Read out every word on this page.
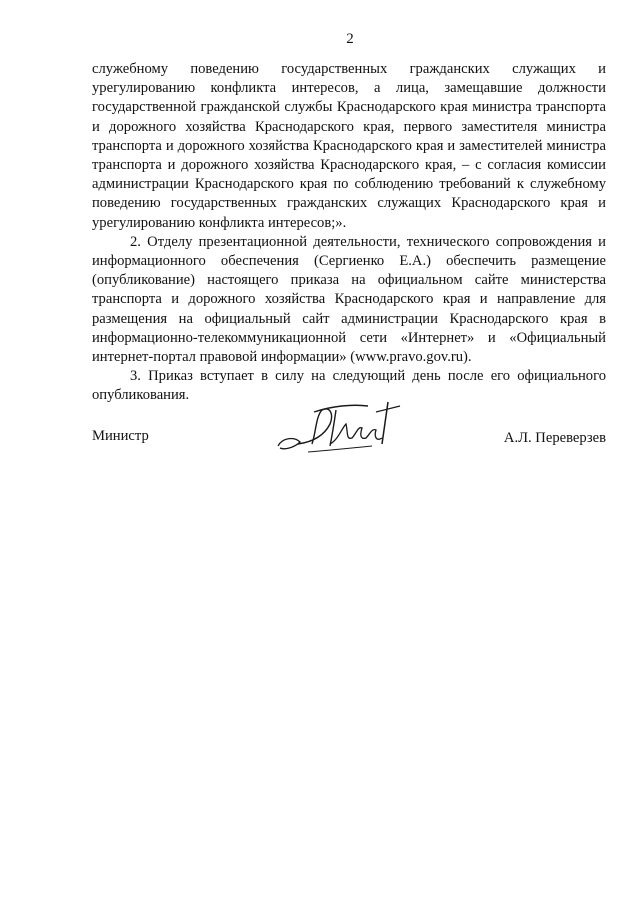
2

служебному поведению государственных гражданских служащих и урегулированию конфликта интересов, а лица, замещавшие должности государственной гражданской службы Краснодарского края министра транспорта и дорожного хозяйства Краснодарского края, первого заместителя министра транспорта и дорожного хозяйства Краснодарского края и заместителей министра транспорта и дорожного хозяйства Краснодарского края, – с согласия комиссии администрации Краснодарского края по соблюдению требований к служебному поведению государственных гражданских служащих Краснодарского края и урегулированию конфликта интересов;».

2. Отделу презентационной деятельности, технического сопровождения и информационного обеспечения (Сергиенко Е.А.) обеспечить размещение (опубликование) настоящего приказа на официальном сайте министерства транспорта и дорожного хозяйства Краснодарского края и направление для размещения на официальный сайт администрации Краснодарского края в информационно-телекоммуникационной сети «Интернет» и «Официальный интернет-портал правовой информации» (www.pravo.gov.ru).

3. Приказ вступает в силу на следующий день после его официального опубликования.

Министр	А.Л. Переверзев
